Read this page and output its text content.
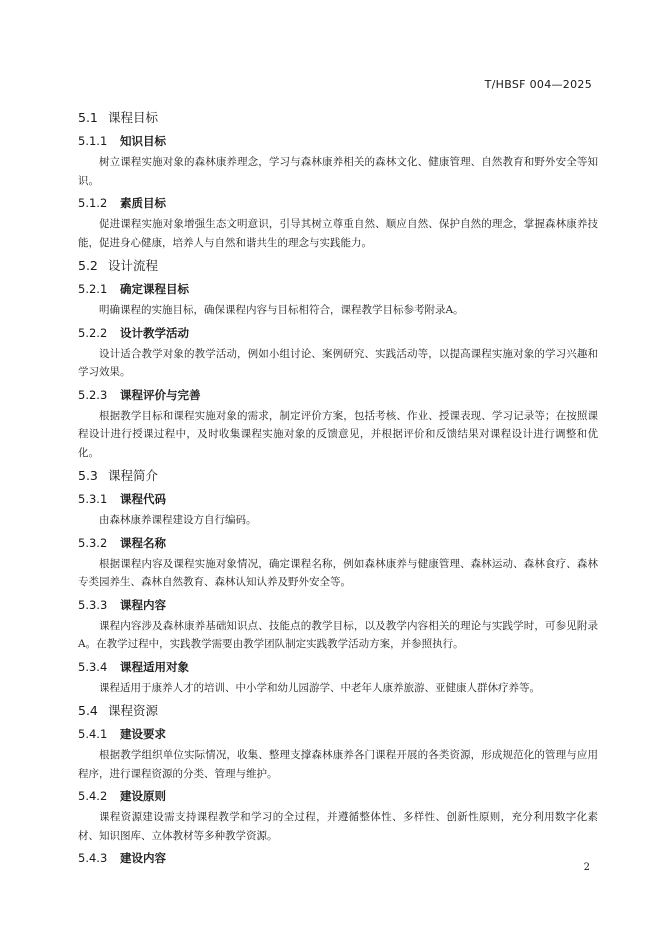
T/HBSF 004—2025
5.1 课程目标
5.1.1 知识目标

树立课程实施对象的森林康养理念，学习与森林康养相关的森林文化、健康管理、自然教育和野外安全等知识。

5.1.2 素质目标

促进课程实施对象增强生态文明意识，引导其树立尊重自然、顺应自然、保护自然的理念，掌握森林康养技能，促进身心健康，培养人与自然和谐共生的理念与实践能力。

5.2 设计流程
5.2.1 确定课程目标

明确课程的实施目标，确保课程内容与目标相符合，课程教学目标参考附录A。

5.2.2 设计教学活动

设计适合教学对象的教学活动，例如小组讨论、案例研究、实践活动等，以提高课程实施对象的学习兴趣和学习效果。

5.2.3 课程评价与完善

根据教学目标和课程实施对象的需求，制定评价方案，包括考核、作业、授课表现、学习记录等；在按照课程设计进行授课过程中，及时收集课程实施对象的反馈意见，并根据评价和反馈结果对课程设计进行调整和优化。

5.3 课程简介
5.3.1 课程代码

由森林康养课程建设方自行编码。

5.3.2 课程名称

根据课程内容及课程实施对象情况，确定课程名称，例如森林康养与健康管理、森林运动、森林食疗、森林专类园养生、森林自然教育、森林认知认养及野外安全等。

5.3.3 课程内容

课程内容涉及森林康养基础知识点、技能点的教学目标，以及教学内容相关的理论与实践学时，可参见附录A。在教学过程中，实践教学需要由教学团队制定实践教学活动方案，并参照执行。

5.3.4 课程适用对象

课程适用于康养人才的培训、中小学和幼儿园游学、中老年人康养旅游、亚健康人群休疗养等。

5.4 课程资源
5.4.1 建设要求

根据教学组织单位实际情况，收集、整理支撑森林康养各门课程开展的各类资源，形成规范化的管理与应用程序，进行课程资源的分类、管理与维护。

5.4.2 建设原则

课程资源建设需支持课程教学和学习的全过程，并遵循整体性、多样性、创新性原则，充分利用数字化素材、知识图库、立体教材等多种教学资源。

5.4.3 建设内容
2
